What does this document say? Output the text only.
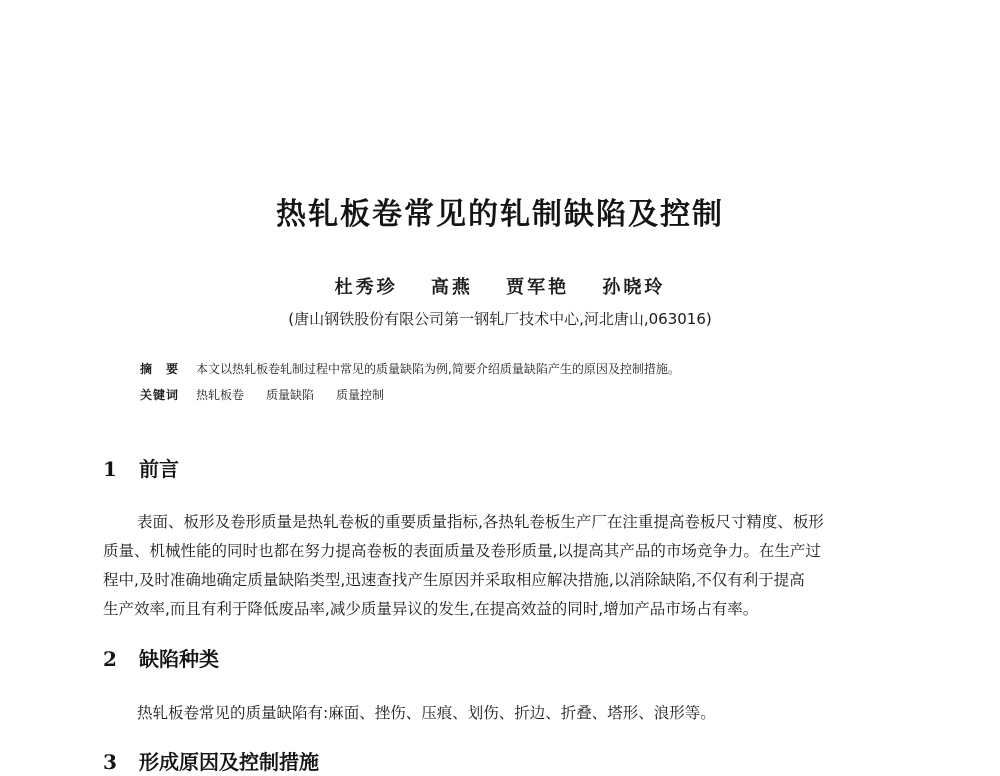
热轧板卷常见的轧制缺陷及控制
杜秀珍 高燕 贾军艳 孙晓玲
(唐山钢铁股份有限公司第一钢轧厂技术中心,河北唐山,063016)
摘　要 本文以热轧板卷轧制过程中常见的质量缺陷为例,简要介绍质量缺陷产生的原因及控制措施。
关键词 热轧板卷 质量缺陷 质量控制
1 前言
表面、板形及卷形质量是热轧卷板的重要质量指标,各热轧卷板生产厂在注重提高卷板尺寸精度、板形
质量、机械性能的同时也都在努力提高卷板的表面质量及卷形质量,以提高其产品的市场竞争力。在生产过
程中,及时准确地确定质量缺陷类型,迅速查找产生原因并采取相应解决措施,以消除缺陷,不仅有利于提高
生产效率,而且有利于降低废品率,减少质量异议的发生,在提高效益的同时,增加产品市场占有率。
2 缺陷种类
热轧板卷常见的质量缺陷有:麻面、挫伤、压痕、划伤、折边、折叠、塔形、浪形等。
3 形成原因及控制措施
